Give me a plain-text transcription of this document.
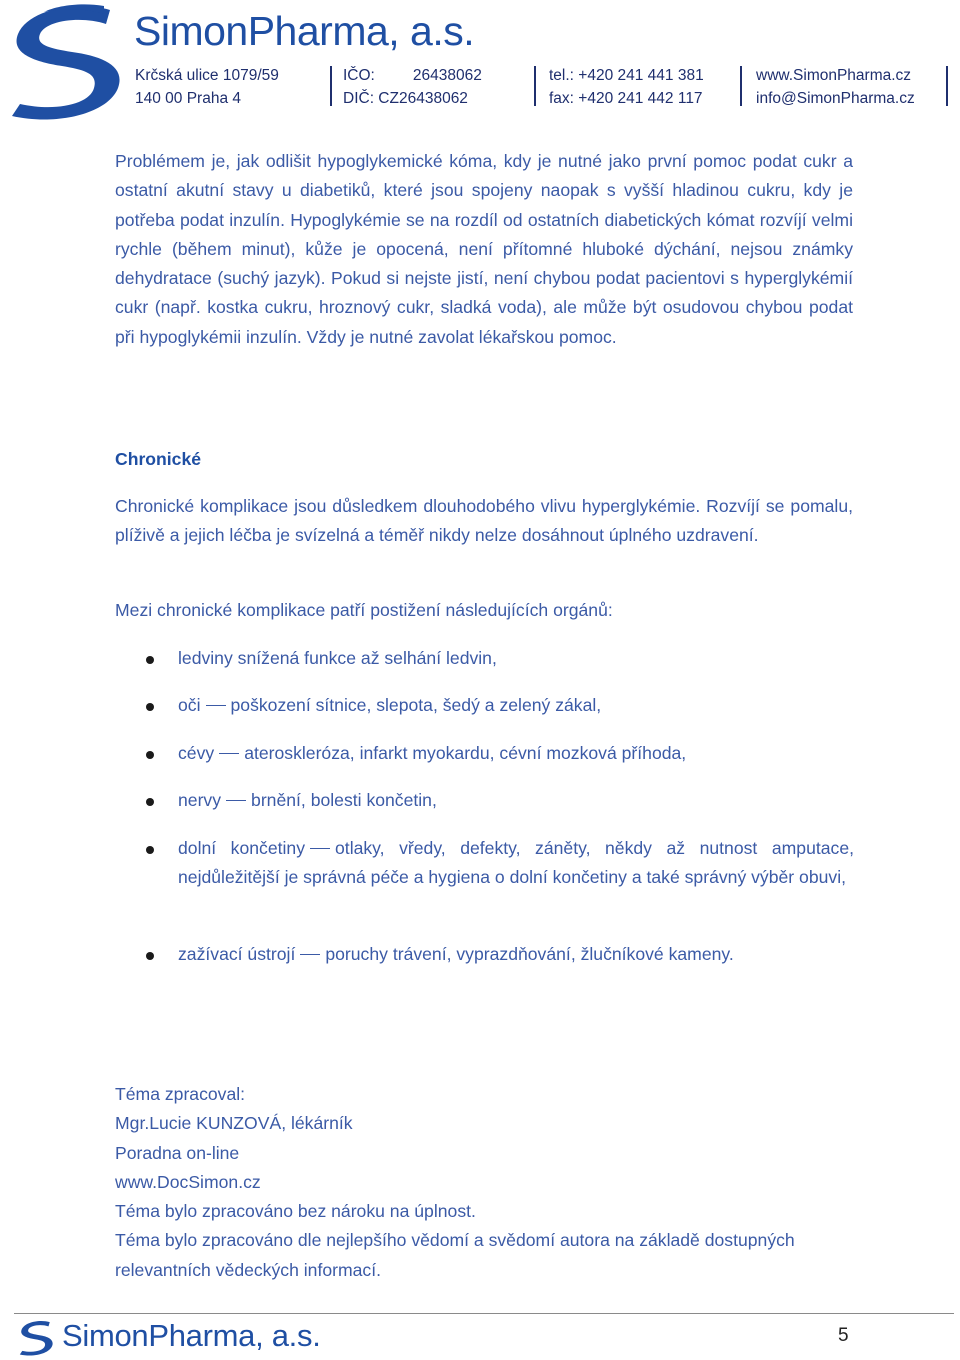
SimonPharma, a.s.
Krčská ulice 1079/59
140 00 Praha 4
IČO: 26438062
DIČ: CZ26438062
tel.: +420 241 441 381
fax: +420 241 442 117
www.SimonPharma.cz
info@SimonPharma.cz

Problémem je, jak odlišit hypoglykemické kóma, kdy je nutné jako první pomoc podat cukr a ostatní akutní stavy u diabetiků, které jsou spojeny naopak s vyšší hladinou cukru, kdy je potřeba podat inzulín. Hypoglykémie se na rozdíl od ostatních diabetických kómat rozvíjí velmi rychle (během minut), kůže je opocená, není přítomné hluboké dýchání, nejsou známky dehydratace (suchý jazyk). Pokud si nejste jistí, není chybou podat pacientovi s hyperglykémií cukr (např. kostka cukru, hroznový cukr, sladká voda), ale může být osudovou chybou podat při hypoglykémii inzulín. Vždy je nutné zavolat lékařskou pomoc.

Chronické

Chronické komplikace jsou důsledkem dlouhodobého vlivu hyperglykémie. Rozvíjí se pomalu, plíživě a jejich léčba je svízelná a téměř nikdy nelze dosáhnout úplného uzdravení.

Mezi chronické komplikace patří postižení následujících orgánů:

ledviny snížená funkce až selhání ledvin,
oči poškození sítnice, slepota, šedý a zelený zákal,
cévy ateroskleróza, infarkt myokardu, cévní mozková příhoda,
nervy brnění, bolesti končetin,
dolní končetiny otlaky, vředy, defekty, záněty, někdy až nutnost amputace, nejdůležitější je správná péče a hygiena o dolní končetiny a také správný výběr obuvi,
zažívací ústrojí poruchy trávení, vyprazdňování, žlučníkové kameny.
Téma zpracoval:
Mgr.Lucie KUNZOVÁ, lékárník
Poradna on-line
www.DocSimon.cz
Téma bylo zpracováno bez nároku na úplnost.
Téma bylo zpracováno dle nejlepšího vědomí a svědomí autora na základě dostupných
relevantních vědeckých informací.
SimonPharma, a.s.	5
